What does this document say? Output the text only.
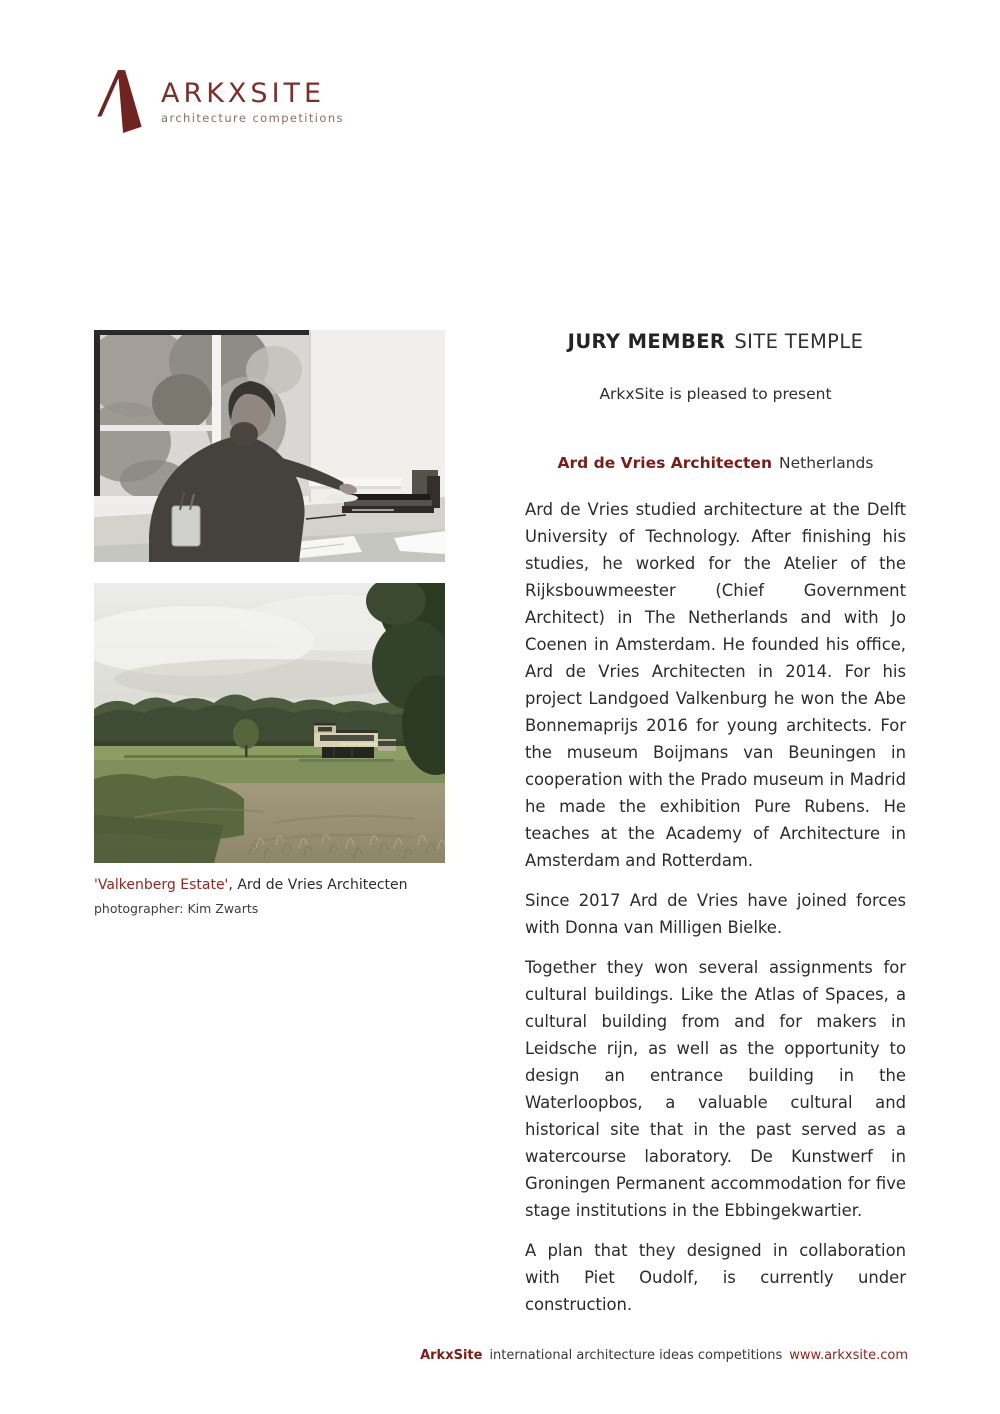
ARKXSITE
architecture competitions
'Valkenberg Estate', Ard de Vries Architecten
photographer: Kim Zwarts
JURY MEMBER SITE TEMPLE
ArkxSite is pleased to present
Ard de Vries Architecten Netherlands

Ard de Vries studied architecture at the Delft University of Technology. After finishing his studies, he worked for the Atelier of the Rijksbouwmeester (Chief Government Architect) in The Netherlands and with Jo Coenen in Amsterdam. He founded his office, Ard de Vries Architecten in 2014. For his project Landgoed Valkenburg he won the Abe Bonnemaprijs 2016 for young architects. For the museum Boijmans van Beuningen in cooperation with the Prado museum in Madrid he made the exhibition Pure Rubens. He teaches at the Academy of Architecture in Amsterdam and Rotterdam.

Since 2017 Ard de Vries have joined forces with Donna van Milligen Bielke.

Together they won several assignments for cultural buildings. Like the Atlas of Spaces, a cultural building from and for makers in Leidsche rijn, as well as the opportunity to design an entrance building in the Waterloopbos, a valuable cultural and historical site that in the past served as a watercourse laboratory. De Kunstwerf in Groningen Permanent accommodation for five stage institutions in the Ebbingekwartier.

A plan that they designed in collaboration with Piet Oudolf, is currently under construction.

ArkxSite international architecture ideas competitions www.arkxsite.com
